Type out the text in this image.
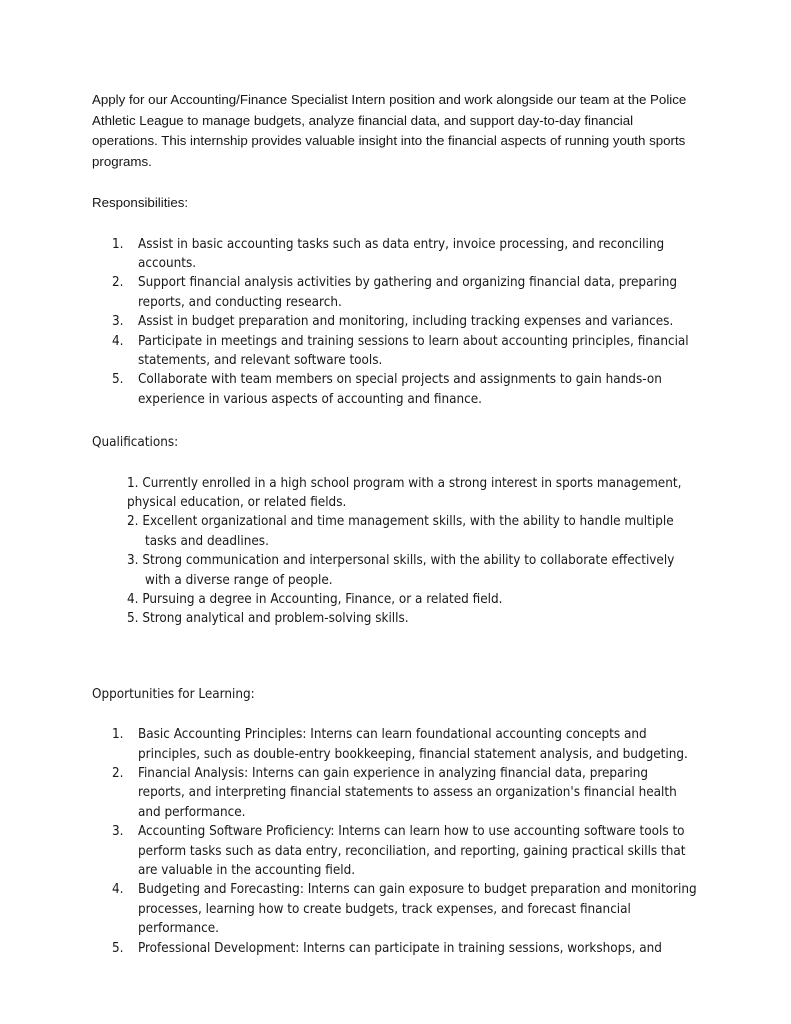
Apply for our Accounting/Finance Specialist Intern position and work alongside our team at the Police Athletic League to manage budgets, analyze financial data, and support day-to-day financial operations. This internship provides valuable insight into the financial aspects of running youth sports programs.

Responsibilities:

1. Assist in basic accounting tasks such as data entry, invoice processing, and reconciling accounts.
2. Support financial analysis activities by gathering and organizing financial data, preparing reports, and conducting research.
3. Assist in budget preparation and monitoring, including tracking expenses and variances.
4. Participate in meetings and training sessions to learn about accounting principles, financial statements, and relevant software tools.
5. Collaborate with team members on special projects and assignments to gain hands-on experience in various aspects of accounting and finance.

Qualifications:

1. Currently enrolled in a high school program with a strong interest in sports management, physical education, or related fields.
2. Excellent organizational and time management skills, with the ability to handle multiple tasks and deadlines.
3. Strong communication and interpersonal skills, with the ability to collaborate effectively with a diverse range of people.
4. Pursuing a degree in Accounting, Finance, or a related field.
5. Strong analytical and problem-solving skills.

Opportunities for Learning:

1. Basic Accounting Principles: Interns can learn foundational accounting concepts and principles, such as double-entry bookkeeping, financial statement analysis, and budgeting.
2. Financial Analysis: Interns can gain experience in analyzing financial data, preparing reports, and interpreting financial statements to assess an organization's financial health and performance.
3. Accounting Software Proficiency: Interns can learn how to use accounting software tools to perform tasks such as data entry, reconciliation, and reporting, gaining practical skills that are valuable in the accounting field.
4. Budgeting and Forecasting: Interns can gain exposure to budget preparation and monitoring processes, learning how to create budgets, track expenses, and forecast financial performance.
5. Professional Development: Interns can participate in training sessions, workshops, and
